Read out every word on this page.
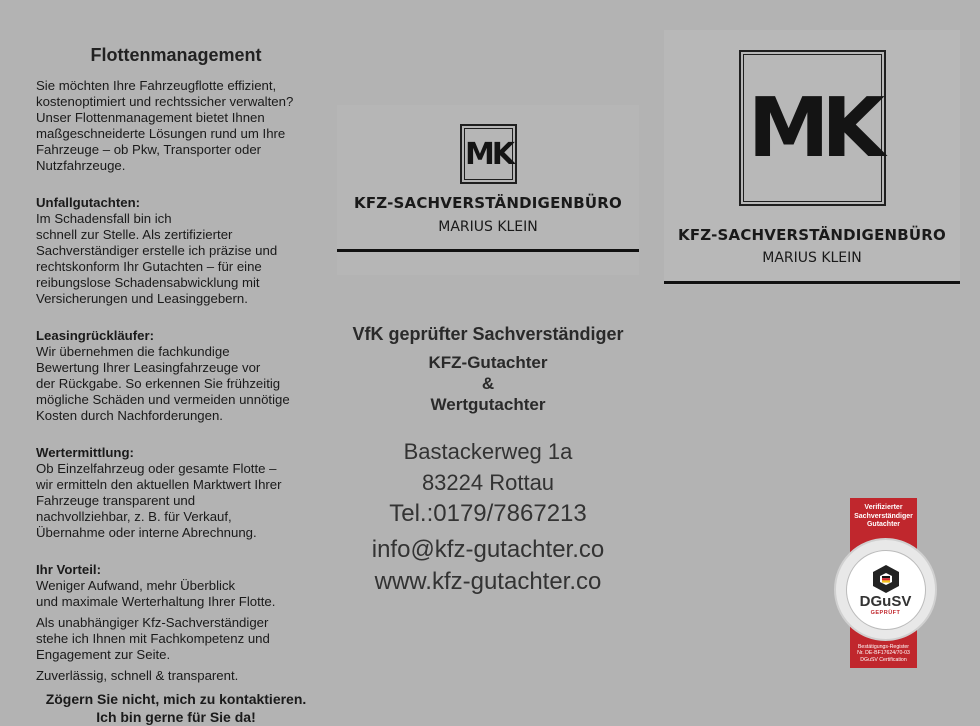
Flottenmanagement

Sie möchten Ihre Fahrzeugflotte effizient,
kostenoptimiert und rechtssicher verwalten?
Unser Flottenmanagement bietet Ihnen
maßgeschneiderte Lösungen rund um Ihre
Fahrzeuge – ob Pkw, Transporter oder
Nutzfahrzeuge.

Unfallgutachten:
Im Schadensfall bin ich
schnell zur Stelle. Als zertifizierter
Sachverständiger erstelle ich präzise und
rechtskonform Ihr Gutachten – für eine
reibungslose Schadensabwicklung mit
Versicherungen und Leasinggebern.

Leasingrückläufer:
Wir übernehmen die fachkundige
Bewertung Ihrer Leasingfahrzeuge vor
der Rückgabe. So erkennen Sie frühzeitig
mögliche Schäden und vermeiden unnötige
Kosten durch Nachforderungen.

Wertermittlung:
Ob Einzelfahrzeug oder gesamte Flotte –
wir ermitteln den aktuellen Marktwert Ihrer
Fahrzeuge transparent und
nachvollziehbar, z. B. für Verkauf,
Übernahme oder interne Abrechnung.

Ihr Vorteil:
Weniger Aufwand, mehr Überblick
und maximale Werterhaltung Ihrer Flotte.

Als unabhängiger Kfz-Sachverständiger
stehe ich Ihnen mit Fachkompetenz und
Engagement zur Seite.

Zuverlässig, schnell & transparent.

Zögern Sie nicht, mich zu kontaktieren.
Ich bin gerne für Sie da!
MK
KFZ-SACHVERSTÄNDIGENBÜRO
MARIUS KLEIN
VfK geprüfter Sachverständiger
KFZ-Gutachter
&
Wertgutachter
Bastackerweg 1a
83224 Rottau
Tel.:0179/7867213
info@kfz-gutachter.co
www.kfz-gutachter.co
MK
KFZ-SACHVERSTÄNDIGENBÜRO
MARIUS KLEIN
Verifizierter
Sachverständiger
Gutachter
DGuSV
GEPRÜFT
Bestätigungs-Register
Nr. DE-BF17624/70-03
DGuSV Certification
